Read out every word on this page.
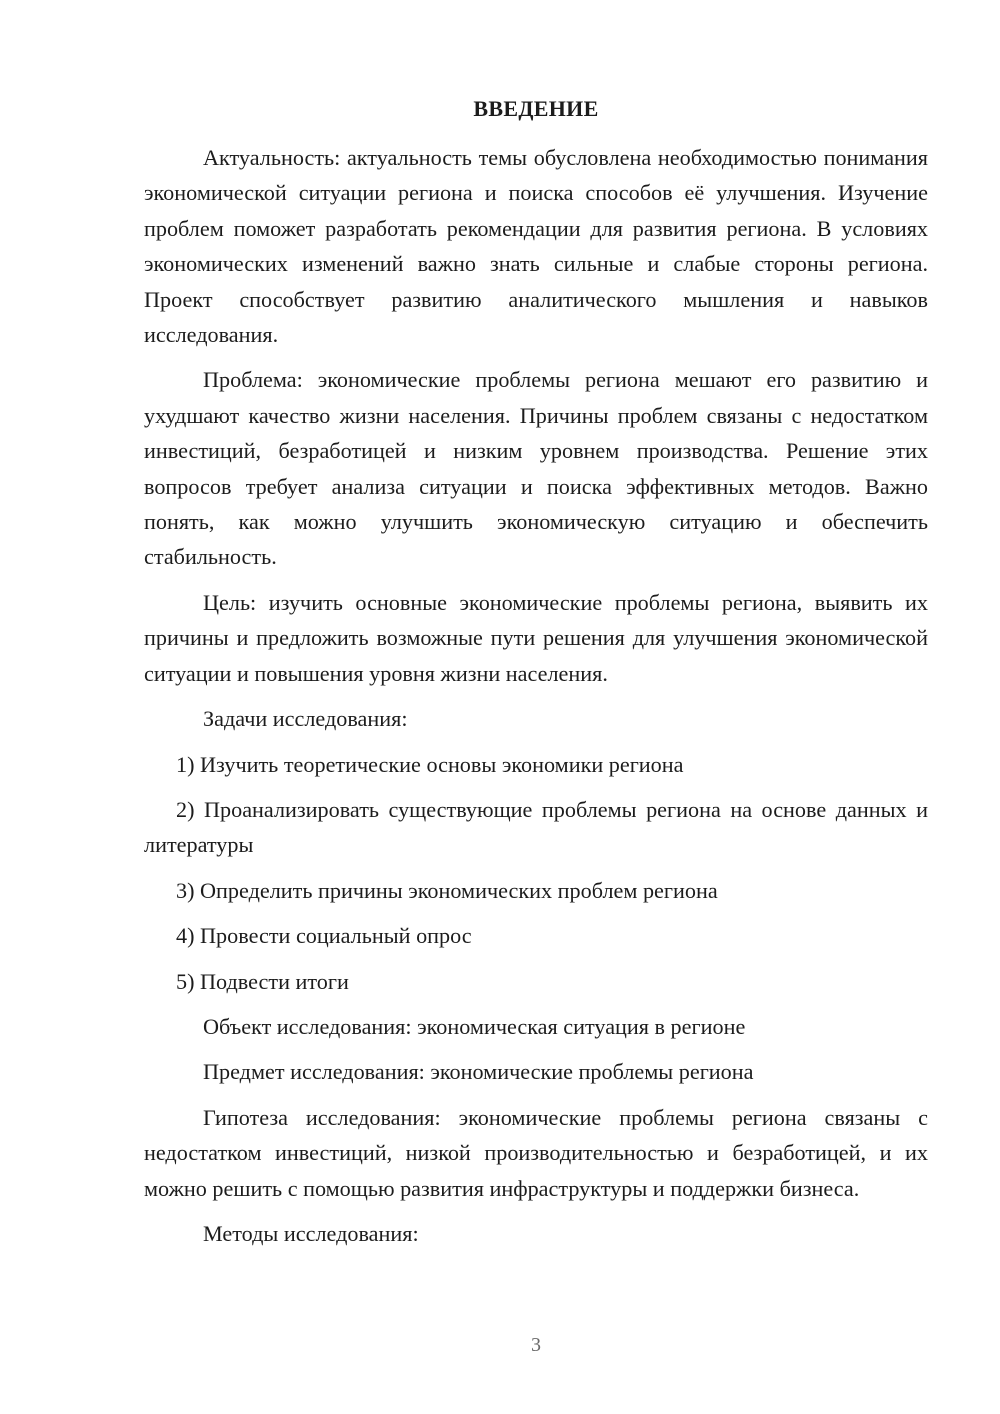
ВВЕДЕНИЕ

Актуальность: актуальность темы обусловлена необходимостью понимания экономической ситуации региона и поиска способов её улучшения. Изучение проблем поможет разработать рекомендации для развития региона. В условиях экономических изменений важно знать сильные и слабые стороны региона. Проект способствует развитию аналитического мышления и навыков исследования.

Проблема: экономические проблемы региона мешают его развитию и ухудшают качество жизни населения. Причины проблем связаны с недостатком инвестиций, безработицей и низким уровнем производства. Решение этих вопросов требует анализа ситуации и поиска эффективных методов. Важно понять, как можно улучшить экономическую ситуацию и обеспечить стабильность.

Цель: изучить основные экономические проблемы региона, выявить их причины и предложить возможные пути решения для улучшения экономической ситуации и повышения уровня жизни населения.

Задачи исследования:

1) Изучить теоретические основы экономики региона

2) Проанализировать существующие проблемы региона на основе данных и литературы

3) Определить причины экономических проблем региона

4) Провести социальный опрос

5) Подвести итоги

Объект исследования: экономическая ситуация в регионе

Предмет исследования: экономические проблемы региона

Гипотеза исследования: экономические проблемы региона связаны с недостатком инвестиций, низкой производительностью и безработицей, и их можно решить с помощью развития инфраструктуры и поддержки бизнеса.

Методы исследования:

3
